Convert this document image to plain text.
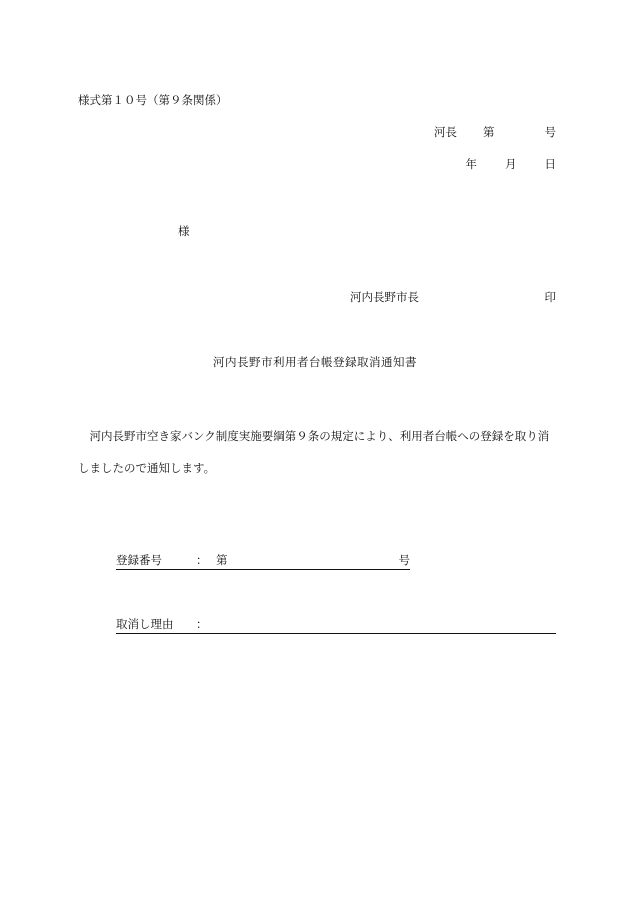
様式第１０号（第９条関係）
河長 第	号
年 月 日
様
河内長野市長	印
河内長野市利用者台帳登録取消通知書
　河内長野市空き家バンク制度実施要綱第９条の規定により、利用者台帳への登録を取り消しましたので通知します。
登録番号	： 第	号
取消し理由 ：
